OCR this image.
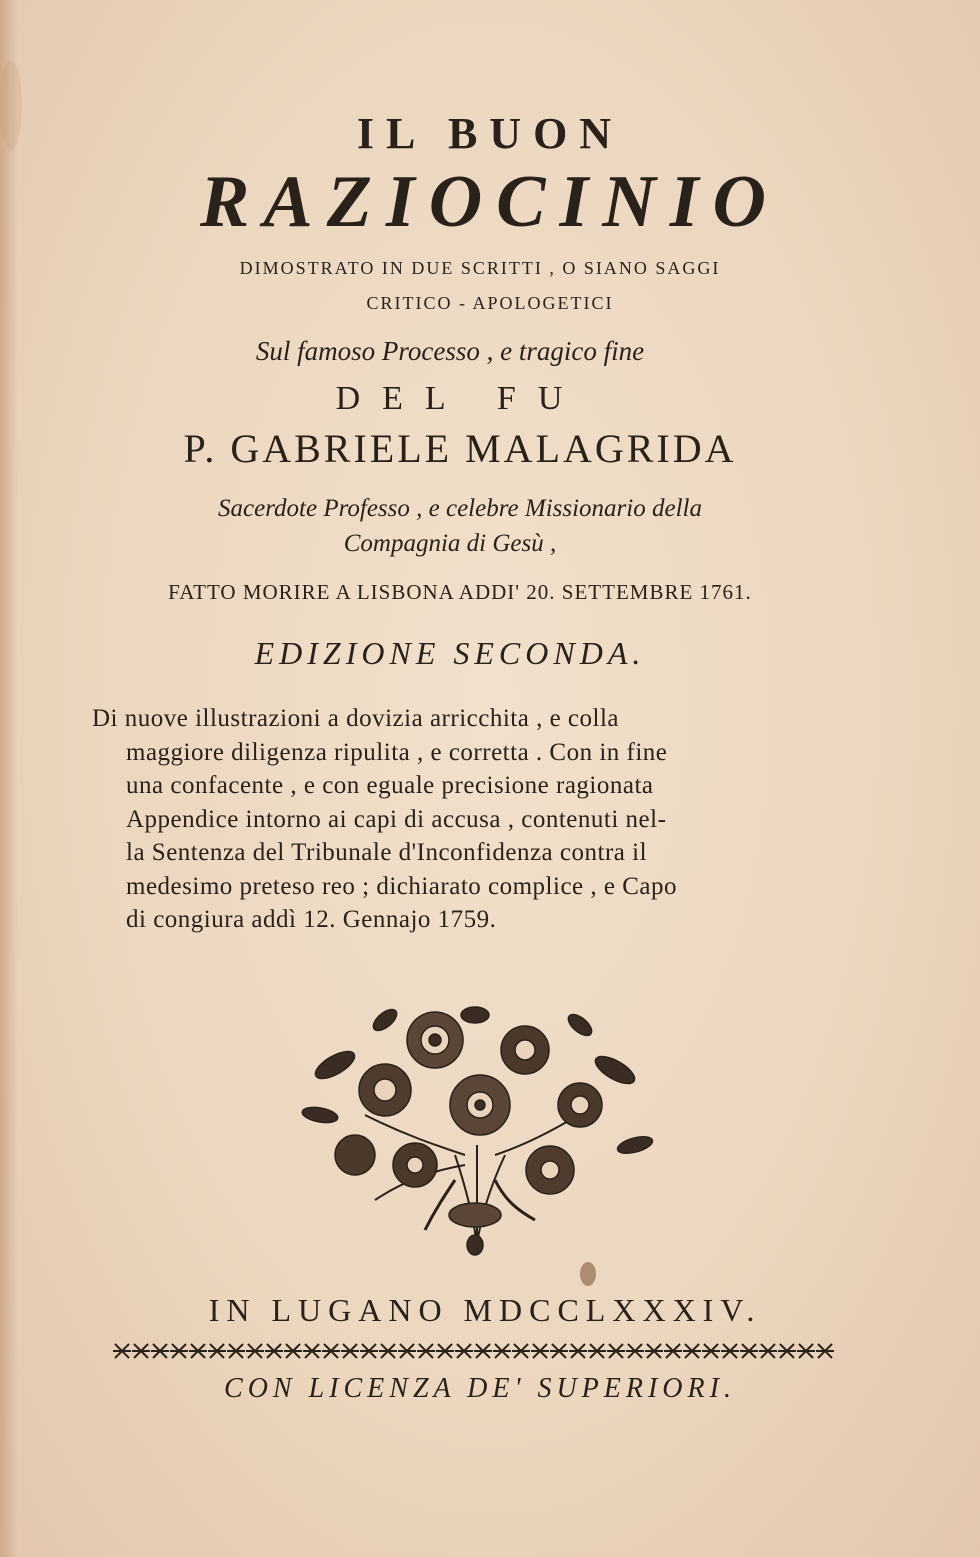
IL BUON
RAZIOCINIO
DIMOSTRATO IN DUE SCRITTI , O SIANO SAGGI
CRITICO - APOLOGETICI
Sul famoso Processo , e tragico fine
DEL FU
P. GABRIELE MALAGRIDA
Sacerdote Professo , e celebre Missionario della
Compagnia di Gesù ,
FATTO MORIRE A LISBONA ADDI' 20. SETTEMBRE 1761.
EDIZIONE SECONDA.
Di nuove illustrazioni a dovizia arricchita , e colla
maggiore diligenza ripulita , e corretta . Con in fine
una confacente , e con eguale precisione ragionata
Appendice intorno ai capi di accusa , contenuti nel-
la Sentenza del Tribunale d'Inconfidenza contra il
medesimo preteso reo ; dichiarato complice , e Capo
di congiura addì 12. Gennajo 1759.
IN LUGANO MDCCLXXXIV.
CON LICENZA DE' SUPERIORI.
